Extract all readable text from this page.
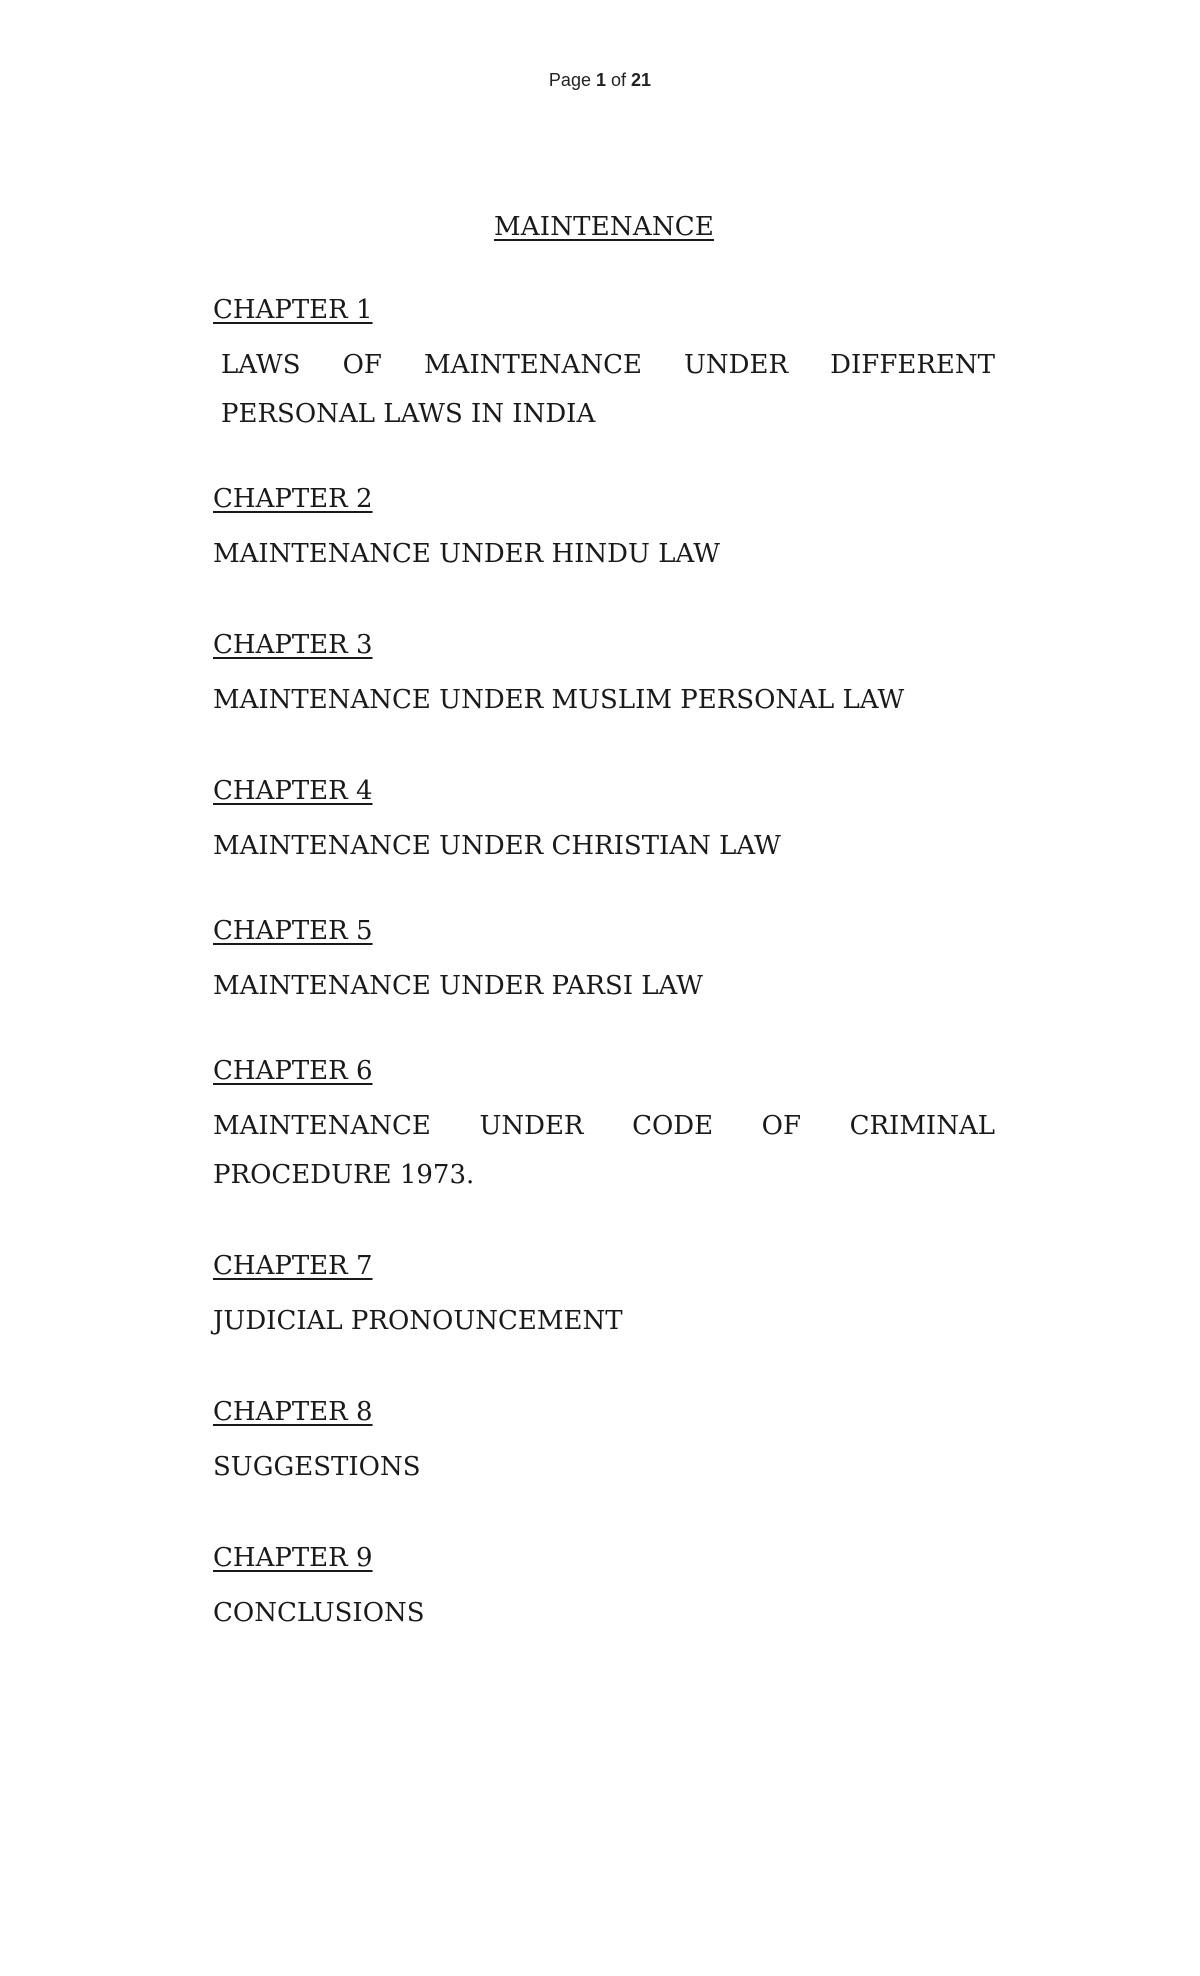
Page 1 of 21
MAINTENANCE
CHAPTER 1
LAWS OF MAINTENANCE UNDER DIFFERENT PERSONAL LAWS IN INDIA
CHAPTER 2
MAINTENANCE UNDER HINDU LAW
CHAPTER 3
MAINTENANCE UNDER MUSLIM PERSONAL LAW
CHAPTER 4
MAINTENANCE UNDER CHRISTIAN LAW
CHAPTER 5
MAINTENANCE UNDER PARSI LAW
CHAPTER 6
MAINTENANCE UNDER CODE OF CRIMINAL PROCEDURE 1973.
CHAPTER 7
JUDICIAL PRONOUNCEMENT
CHAPTER 8
SUGGESTIONS
CHAPTER 9
CONCLUSIONS
